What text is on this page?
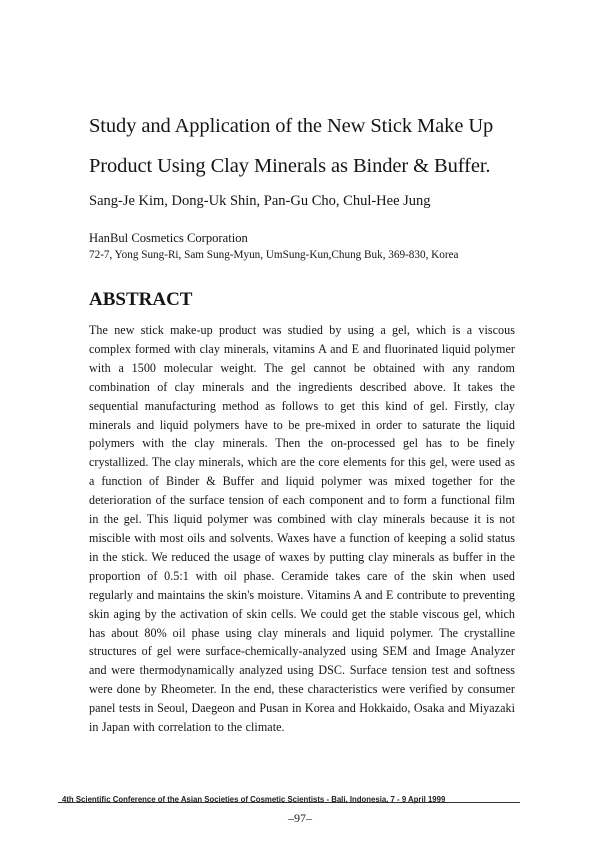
Study and Application of the New Stick Make Up Product Using Clay Minerals as Binder & Buffer.

Sang-Je Kim, Dong-Uk Shin, Pan-Gu Cho, Chul-Hee Jung

HanBul Cosmetics Corporation

72-7, Yong Sung-Ri, Sam Sung-Myun, UmSung-Kun,Chung Buk, 369-830, Korea

ABSTRACT

The new stick make-up product was studied by using a gel, which is a viscous complex formed with clay minerals, vitamins A and E and fluorinated liquid polymer with a 1500 molecular weight. The gel cannot be obtained with any random combination of clay minerals and the ingredients described above. It takes the sequential manufacturing method as follows to get this kind of gel. Firstly, clay minerals and liquid polymers have to be pre-mixed in order to saturate the liquid polymers with the clay minerals. Then the on-processed gel has to be finely crystallized. The clay minerals, which are the core elements for this gel, were used as a function of Binder & Buffer and liquid polymer was mixed together for the deterioration of the surface tension of each component and to form a functional film in the gel. This liquid polymer was combined with clay minerals because it is not miscible with most oils and solvents. Waxes have a function of keeping a solid status in the stick. We reduced the usage of waxes by putting clay minerals as buffer in the proportion of 0.5:1 with oil phase. Ceramide takes care of the skin when used regularly and maintains the skin's moisture. Vitamins A and E contribute to preventing skin aging by the activation of skin cells. We could get the stable viscous gel, which has about 80% oil phase using clay minerals and liquid polymer. The crystalline structures of gel were surface-chemically-analyzed using SEM and Image Analyzer and were thermodynamically analyzed using DSC. Surface tension test and softness were done by Rheometer. In the end, these characteristics were verified by consumer panel tests in Seoul, Daegeon and Pusan in Korea and Hokkaido, Osaka and Miyazaki in Japan with correlation to the climate.

4th Scientific Conference of the Asian Societies of Cosmetic Scientists - Bali, Indonesia, 7 - 9 April 1999

–97–
